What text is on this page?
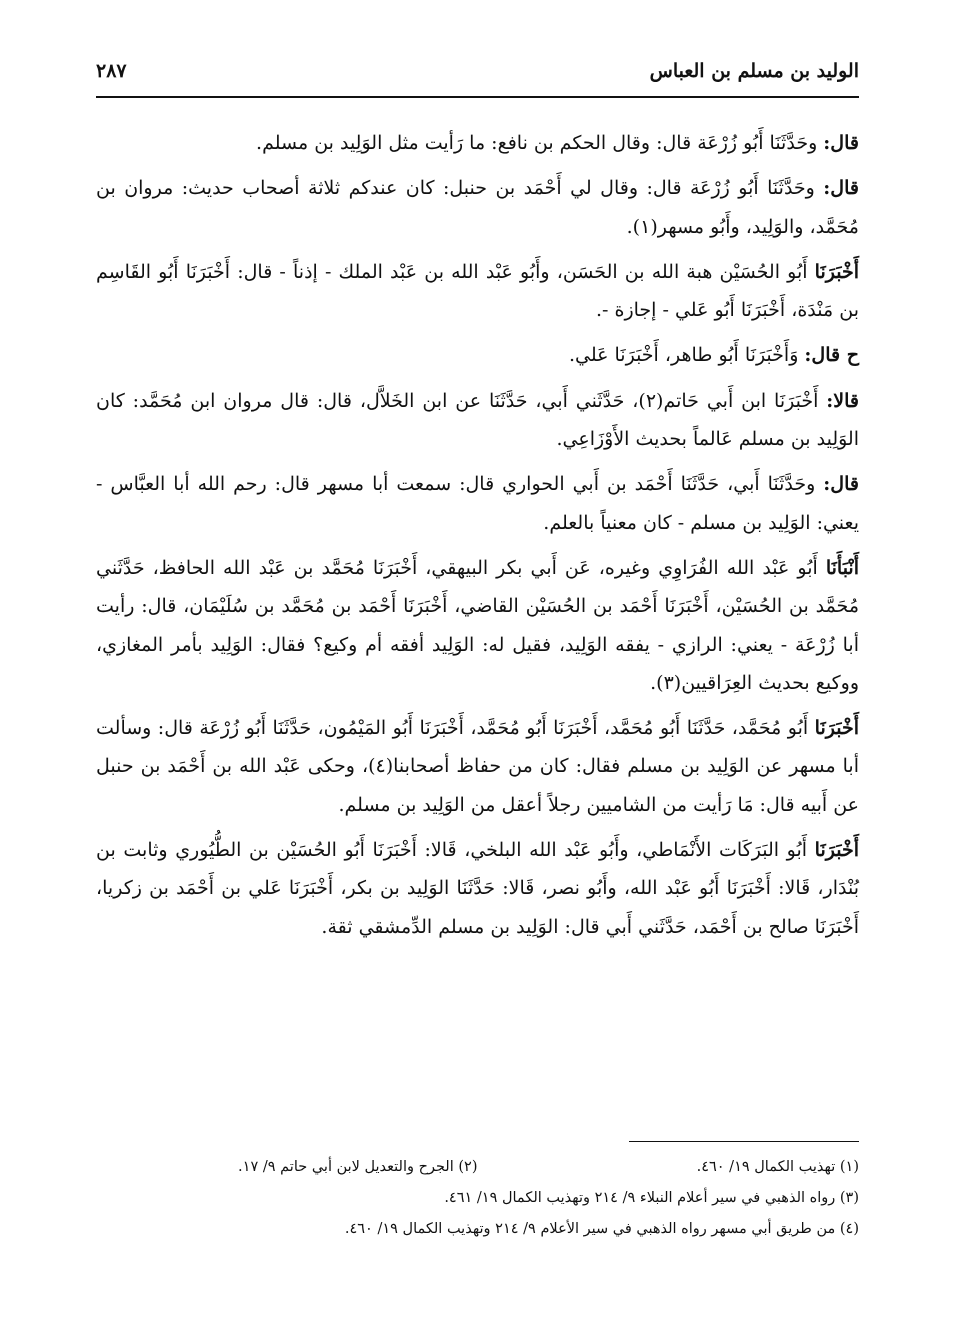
الوليد بن مسلم بن العباس
٢٨٧

قال: وحَدَّثَنَا أَبُو زُرْعَة قال: وقال الحكم بن نافع: ما رَأيت مثل الوَلِيد بن مسلم.

قال: وحَدَّثَنَا أَبُو زُرْعَة قال: وقال لي أَحْمَد بن حنبل: كان عندكم ثلاثة أصحاب حديث: مروان بن مُحَمَّد، والوَلِيد، وأَبُو مسهر(١).

أَخْبَرَنَا أَبُو الحُسَيْن هبة الله بن الحَسَن، وأَبُو عَبْد الله بن عَبْد الملك - إذناً - قال: أَخْبَرَنَا أَبُو القَاسِم بن مَنْدَة، أَخْبَرَنَا أَبُو عَلي - إجازة -.

ح قال: وَأَخْبَرَنَا أَبُو طاهر، أَخْبَرَنَا عَلي.

قالا: أَخْبَرَنَا ابن أَبي حَاتم(٢)، حَدَّثَني أَبي، حَدَّثَنَا عن ابن الخَلاَّل، قال: قال مروان ابن مُحَمَّد: كان الوَلِيد بن مسلم عَالماً بحديث الأَوْزَاعِي.

قال: وحَدَّثَنَا أَبي، حَدَّثَنَا أَحْمَد بن أَبي الحواري قال: سمعت أبا مسهر قال: رحم الله أبا العبَّاس - يعني: الوَلِيد بن مسلم - كان معنياً بالعلم.

أَنْبَأَنَا أَبُو عَبْد الله الفُرَاوِي وغيره، عَن أَبي بكر البيهقي، أَخْبَرَنَا مُحَمَّد بن عَبْد الله الحافظ، حَدَّثَني مُحَمَّد بن الحُسَيْن، أَخْبَرَنَا أَحْمَد بن الحُسَيْن القاضي، أَخْبَرَنَا أَحْمَد بن مُحَمَّد بن سُلَيْمَان، قال: رأيت أبا زُرْعَة - يعني: الرازي - يفقه الوَلِيد، فقيل له: الوَلِيد أفقه أم وكيع؟ فقال: الوَلِيد بأمر المغازي، ووكيع بحديث العِرَاقيين(٣).

أَخْبَرَنَا أَبُو مُحَمَّد، حَدَّثَنَا أَبُو مُحَمَّد، أَخْبَرَنَا أَبُو مُحَمَّد، أَخْبَرَنَا أَبُو المَيْمُون، حَدَّثَنَا أَبُو زُرْعَة قال: وسألت أبا مسهر عن الوَلِيد بن مسلم فقال: كان من حفاظ أصحابنا(٤)، وحكى عَبْد الله بن أَحْمَد بن حنبل عن أَبيه قال: مَا رَأيت من الشاميين رجلاً أعقل من الوَلِيد بن مسلم.

أَخْبَرَنَا أَبُو البَرَكَات الأَنْمَاطي، وأَبُو عَبْد الله البلخي، قَالا: أَخْبَرَنَا أَبُو الحُسَيْن بن الطُّيُوري وثابت بن بُنْدَار، قَالا: أَخْبَرَنَا أَبُو عَبْد الله، وأَبُو نصر، قَالا: حَدَّثَنَا الوَلِيد بن بكر، أَخْبَرَنَا عَلي بن أَحْمَد بن زكريا، أَخْبَرَنَا صالح بن أَحْمَد، حَدَّثَني أَبي قال: الوَلِيد بن مسلم الدِّمشقي ثقة.

(١) تهذيب الكمال ١٩/ ٤٦٠.
(٢) الجرح والتعديل لابن أبي حاتم ٩/ ١٧.
(٣) رواه الذهبي في سير أعلام النبلاء ٩/ ٢١٤ وتهذيب الكمال ١٩/ ٤٦١.
(٤) من طريق أبي مسهر رواه الذهبي في سير الأعلام ٩/ ٢١٤ وتهذيب الكمال ١٩/ ٤٦٠.
